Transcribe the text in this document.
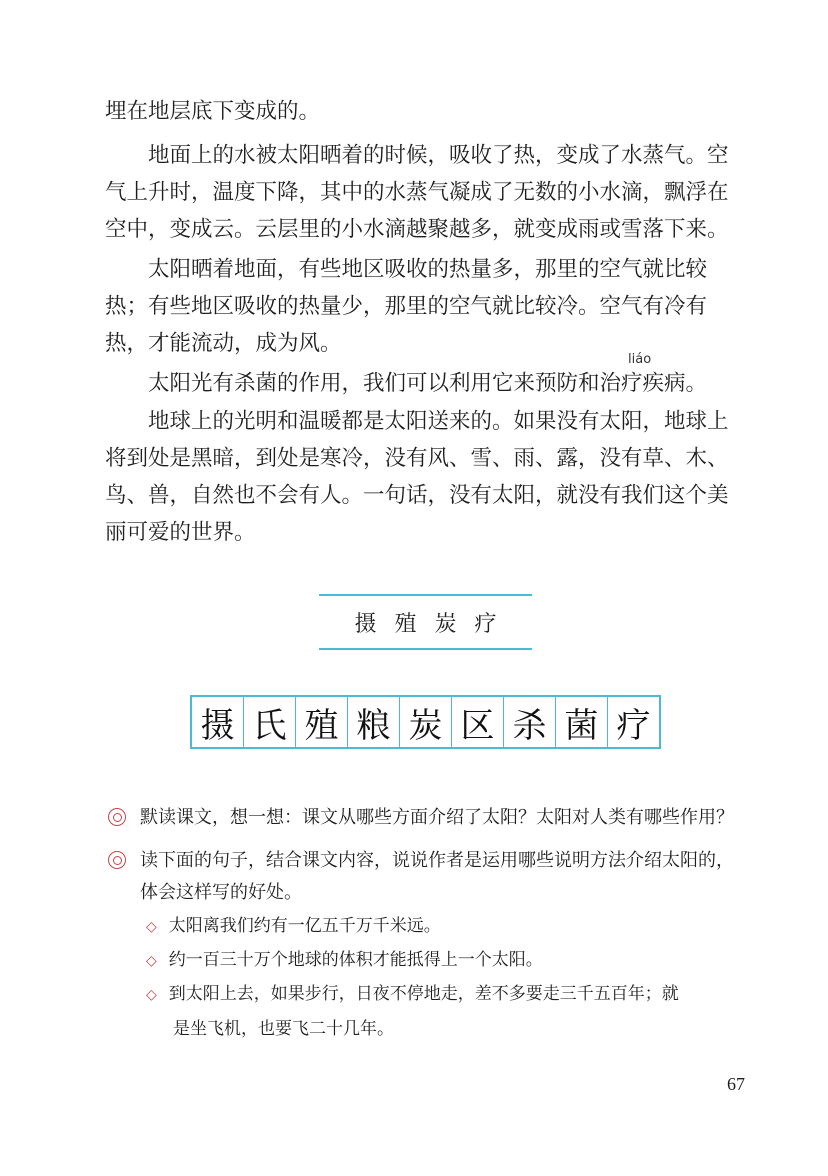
埋在地层底下变成的。
　　地面上的水被太阳晒着的时候，吸收了热，变成了水蒸气。空
气上升时，温度下降，其中的水蒸气凝成了无数的小水滴，飘浮在
空中，变成云。云层里的小水滴越聚越多，就变成雨或雪落下来。
　　太阳晒着地面，有些地区吸收的热量多，那里的空气就比较
热；有些地区吸收的热量少，那里的空气就比较冷。空气有冷有
热，才能流动，成为风。
liáo
　　太阳光有杀菌的作用，我们可以利用它来预防和治疗疾病。
　　地球上的光明和温暖都是太阳送来的。如果没有太阳，地球上
将到处是黑暗，到处是寒冷，没有风、雪、雨、露，没有草、木、
鸟、兽，自然也不会有人。一句话，没有太阳，就没有我们这个美
丽可爱的世界。
摄 殖 炭 疗
摄 氏 殖 粮 炭 区 杀 菌 疗
默读课文，想一想：课文从哪些方面介绍了太阳？太阳对人类有哪些作用？
读下面的句子，结合课文内容，说说作者是运用哪些说明方法介绍太阳的，
体会这样写的好处。
◇ 太阳离我们约有一亿五千万千米远。
◇ 约一百三十万个地球的体积才能抵得上一个太阳。
◇ 到太阳上去，如果步行，日夜不停地走，差不多要走三千五百年；就
是坐飞机，也要飞二十几年。
67
